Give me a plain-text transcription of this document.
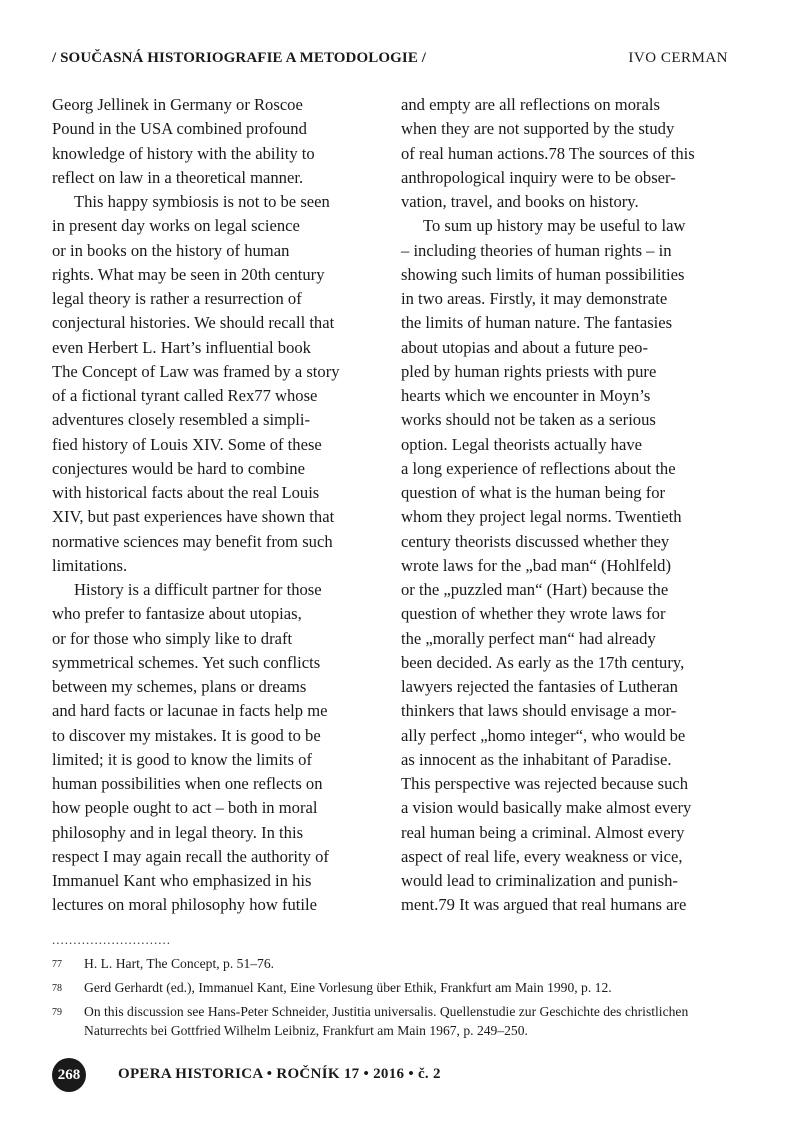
/ SOUČASNÁ HISTORIOGRAFIE A METODOLOGIE /	IVO CERMAN
Georg Jellinek in Germany or Roscoe
Pound in the USA combined profound
knowledge of history with the ability to
reflect on law in a theoretical manner.
This happy symbiosis is not to be seen
in present day works on legal science
or in books on the history of human
rights. What may be seen in 20th century
legal theory is rather a resurrection of
conjectural histories. We should recall that
even Herbert L. Hart’s influential book
The Concept of Law was framed by a story
of a fictional tyrant called Rex77 whose
adventures closely resembled a simpli-
fied history of Louis XIV. Some of these
conjectures would be hard to combine
with historical facts about the real Louis
XIV, but past experiences have shown that
normative sciences may benefit from such
limitations.
History is a difficult partner for those
who prefer to fantasize about utopias,
or for those who simply like to draft
symmetrical schemes. Yet such conflicts
between my schemes, plans or dreams
and hard facts or lacunae in facts help me
to discover my mistakes. It is good to be
limited; it is good to know the limits of
human possibilities when one reflects on
how people ought to act – both in moral
philosophy and in legal theory. In this
respect I may again recall the authority of
Immanuel Kant who emphasized in his
lectures on moral philosophy how futile
and empty are all reflections on morals
when they are not supported by the study
of real human actions.78 The sources of this
anthropological inquiry were to be obser-
vation, travel, and books on history.
To sum up history may be useful to law
– including theories of human rights – in
showing such limits of human possibilities
in two areas. Firstly, it may demonstrate
the limits of human nature. The fantasies
about utopias and about a future peo-
pled by human rights priests with pure
hearts which we encounter in Moyn’s
works should not be taken as a serious
option. Legal theorists actually have
a long experience of reflections about the
question of what is the human being for
whom they project legal norms. Twentieth
century theorists discussed whether they
wrote laws for the „bad man“ (Hohlfeld)
or the „puzzled man“ (Hart) because the
question of whether they wrote laws for
the „morally perfect man“ had already
been decided. As early as the 17th century,
lawyers rejected the fantasies of Lutheran
thinkers that laws should envisage a mor-
ally perfect „homo integer“, who would be
as innocent as the inhabitant of Paradise.
This perspective was rejected because such
a vision would basically make almost every
real human being a criminal. Almost every
aspect of real life, every weakness or vice,
would lead to criminalization and punish-
ment.79 It was argued that real humans are
............................
77 H. L. Hart, The Concept, p. 51–76.
78 Gerd Gerhardt (ed.), Immanuel Kant, Eine Vorlesung über Ethik, Frankfurt am Main 1990, p. 12.
79 On this discussion see Hans-Peter Schneider, Justitia universalis. Quellenstudie zur Geschichte des christlichen Naturrechts bei Gottfried Wilhelm Leibniz, Frankfurt am Main 1967, p. 249–250.
268	OPERA HISTORICA • ROČNÍK 17 • 2016 • č. 2
